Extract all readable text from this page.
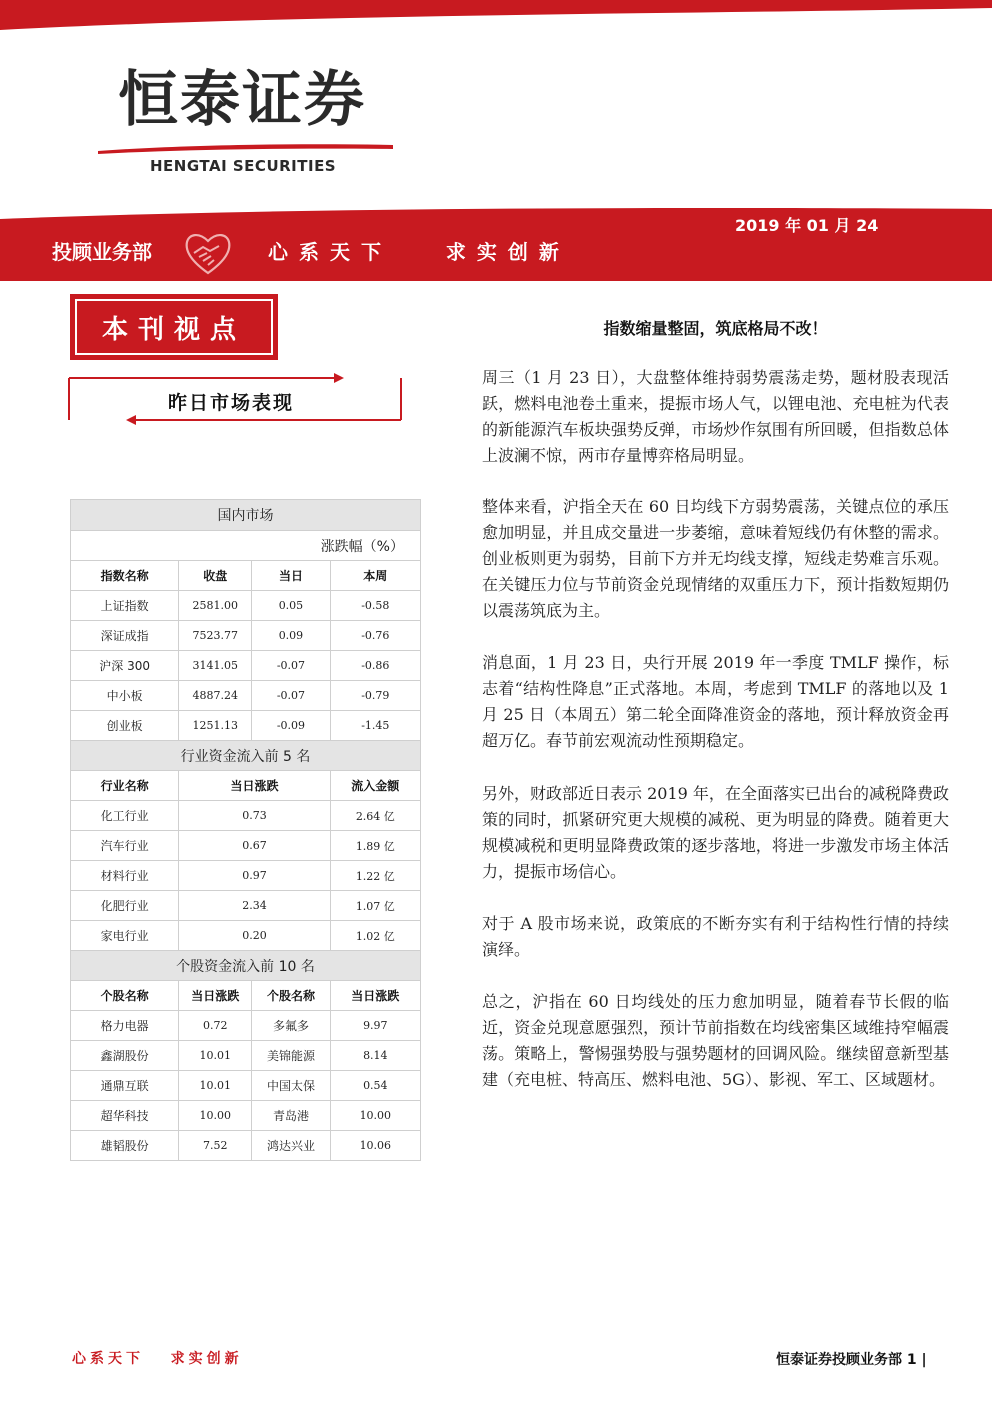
恒泰证券
HENGTAI SECURITIES
2019 年 01 月 24
投顾业务部	心系天下   求实创新
本刊视点
昨日市场表现
国内市场			
涨跌幅（%）			
指数名称	收盘	当日	本周
上证指数	2581.00	0.05	-0.58
深证成指	7523.77	0.09	-0.76
沪深 300	3141.05	-0.07	-0.86
中小板	4887.24	-0.07	-0.79
创业板	1251.13	-0.09	-1.45
行业资金流入前 5 名			
行业名称	当日涨跌		流入金额
化工行业	0.73		2.64 亿
汽车行业	0.67		1.89 亿
材料行业	0.97		1.22 亿
化肥行业	2.34		1.07 亿
家电行业	0.20		1.02 亿
个股资金流入前 10 名			
个股名称	当日涨跌	个股名称	当日涨跌
格力电器	0.72	多氟多	9.97
鑫湖股份	10.01	美锦能源	8.14
通鼎互联	10.01	中国太保	0.54
超华科技	10.00	青岛港	10.00
雄韬股份	7.52	鸿达兴业	10.06
指数缩量整固，筑底格局不改！

周三（1 月 23 日），大盘整体维持弱势震荡走势，题材股表现活跃，燃料电池卷土重来，提振市场人气，以锂电池、充电桩为代表的新能源汽车板块强势反弹，市场炒作氛围有所回暖，但指数总体上波澜不惊，两市存量博弈格局明显。

整体来看，沪指全天在 60 日均线下方弱势震荡，关键点位的承压愈加明显，并且成交量进一步萎缩，意味着短线仍有休整的需求。创业板则更为弱势，目前下方并无均线支撑，短线走势难言乐观。在关键压力位与节前资金兑现情绪的双重压力下，预计指数短期仍以震荡筑底为主。

消息面，1 月 23 日，央行开展 2019 年一季度 TMLF 操作，标志着“结构性降息”正式落地。本周，考虑到 TMLF 的落地以及 1 月 25 日（本周五）第二轮全面降准资金的落地，预计释放资金再超万亿。春节前宏观流动性预期稳定。

另外，财政部近日表示 2019 年，在全面落实已出台的减税降费政策的同时，抓紧研究更大规模的减税、更为明显的降费。随着更大规模减税和更明显降费政策的逐步落地，将进一步激发市场主体活力，提振市场信心。

对于 A 股市场来说，政策底的不断夯实有利于结构性行情的持续演绎。

总之，沪指在 60 日均线处的压力愈加明显，随着春节长假的临近，资金兑现意愿强烈，预计节前指数在均线密集区域维持窄幅震荡。策略上，警惕强势股与强势题材的回调风险。继续留意新型基建（充电桩、特高压、燃料电池、5G）、影视、军工、区域题材。

心系天下   求实创新	恒泰证券投顾业务部 1 |
